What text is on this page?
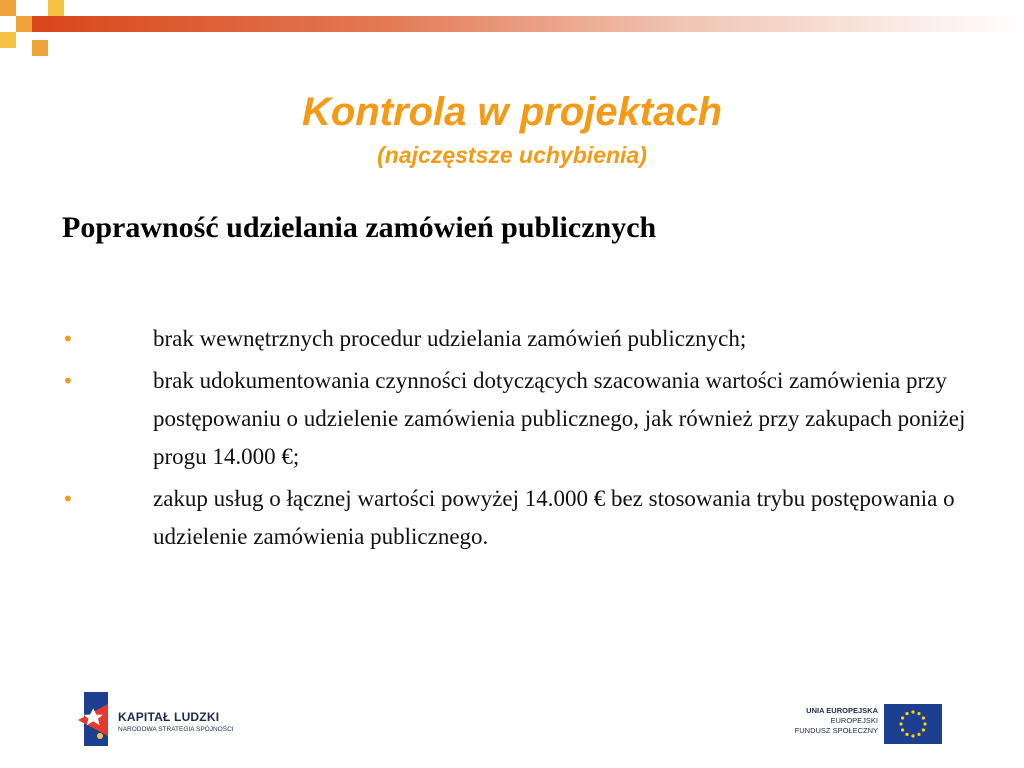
Kontrola w projektach
(najczęstsze uchybienia)
Poprawność udzielania zamówień publicznych
•	brak wewnętrznych procedur udzielania zamówień publicznych;
•	brak udokumentowania czynności dotyczących szacowania wartości zamówienia przy postępowaniu o udzielenie zamówienia publicznego, jak również przy zakupach poniżej progu 14.000 €;
•	zakup usług o łącznej wartości powyżej 14.000 € bez stosowania trybu postępowania o udzielenie zamówienia publicznego.
KAPITAŁ LUDZKI
NARODOWA STRATEGIA SPÓJNOŚCI
UNIA EUROPEJSKA
EUROPEJSKI
FUNDUSZ SPOŁECZNY
